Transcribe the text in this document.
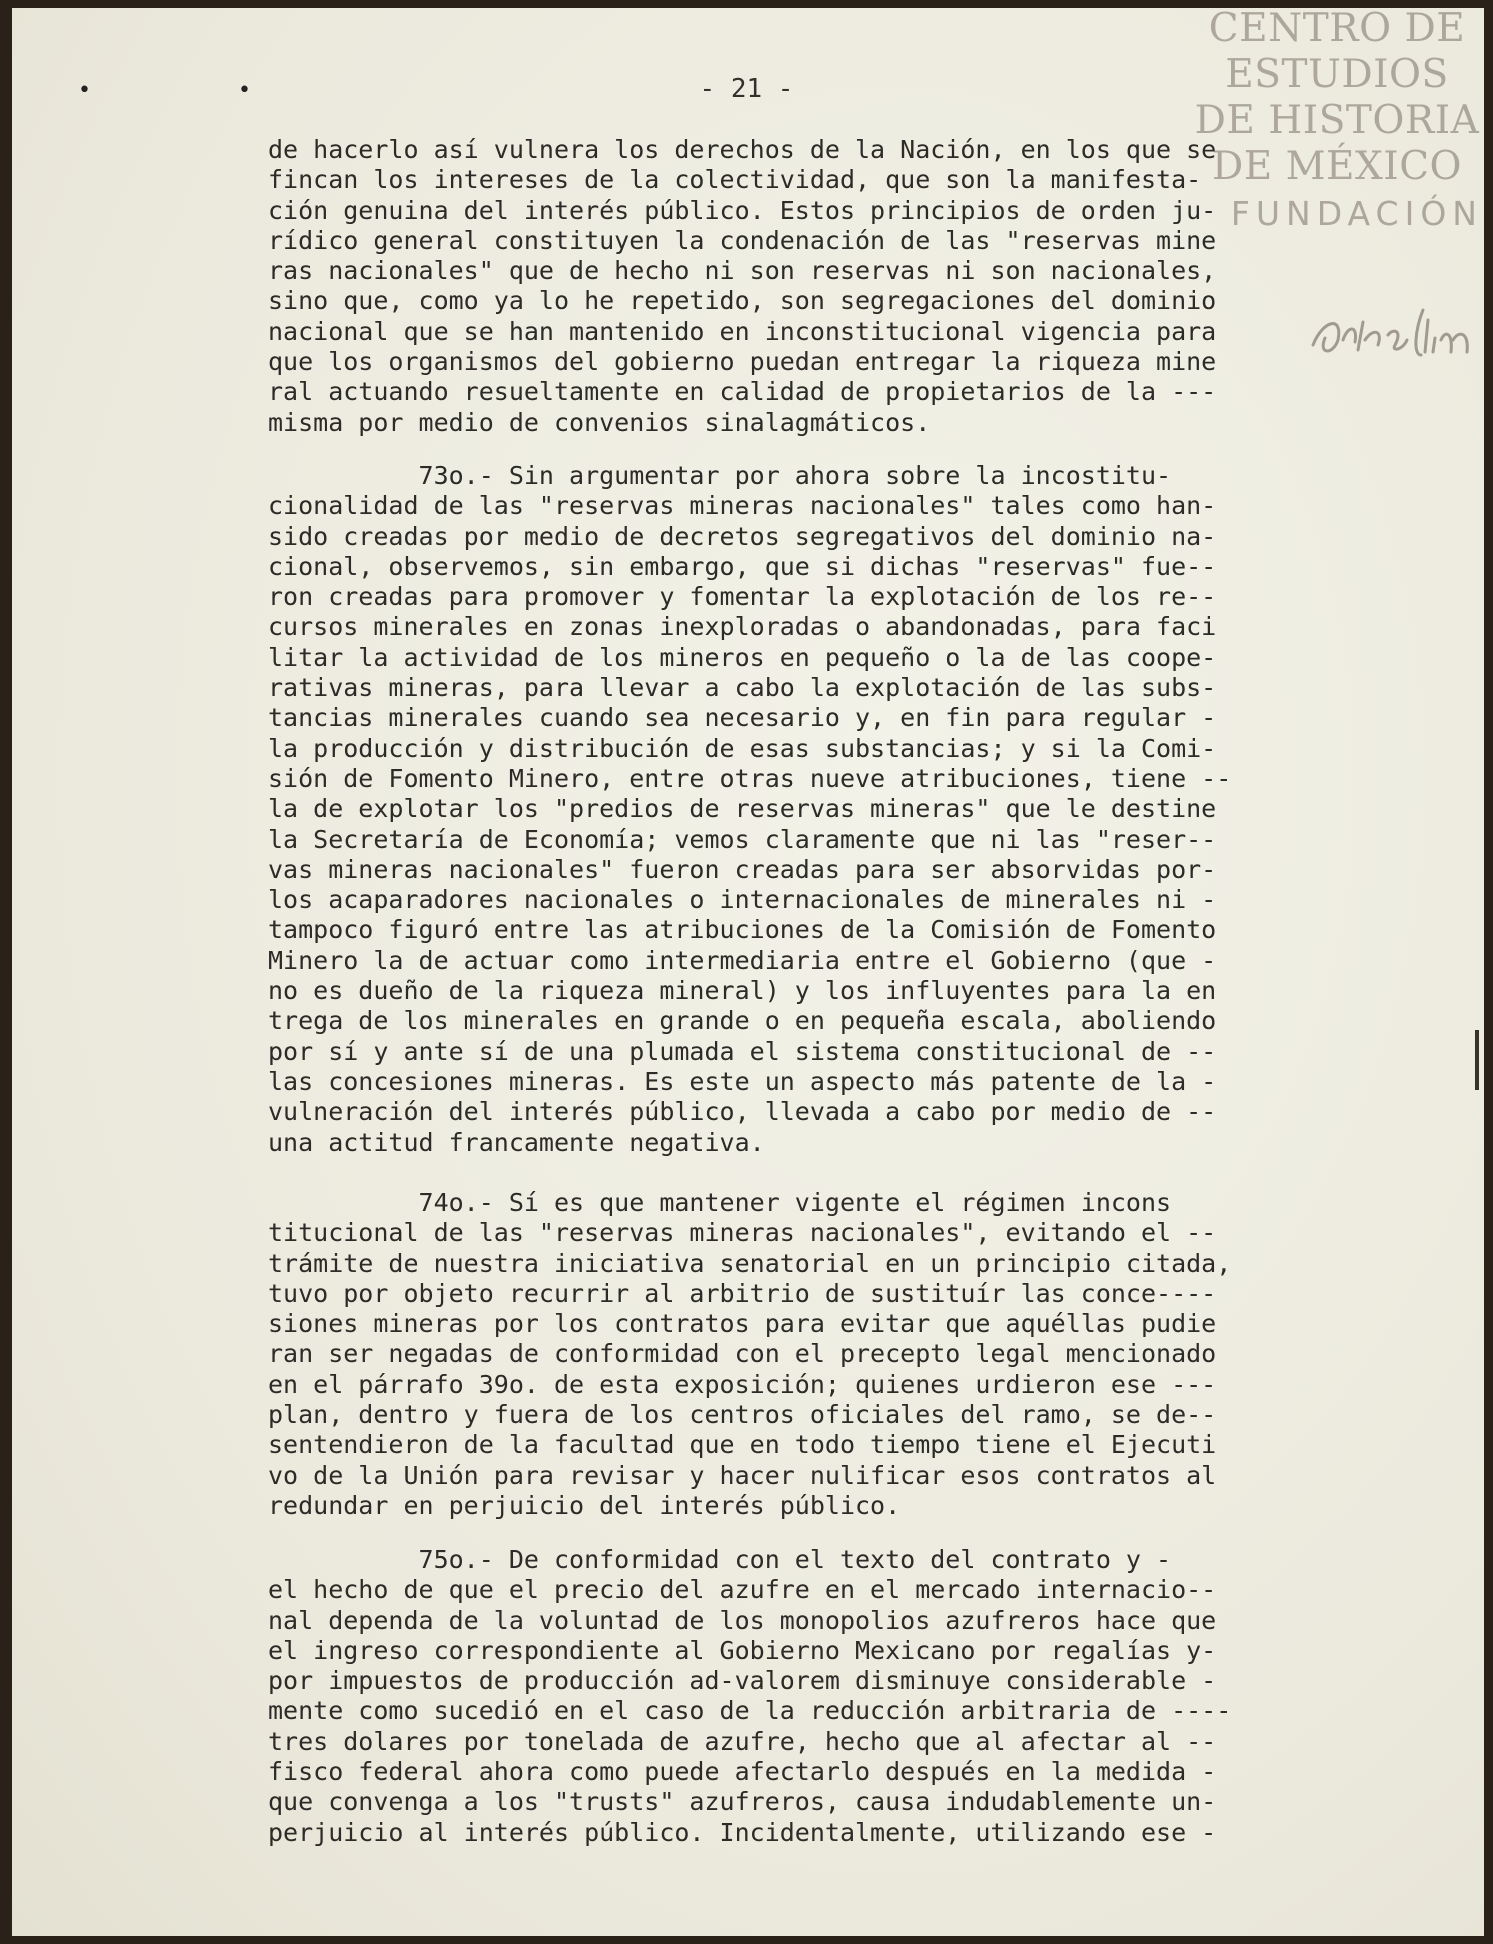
• •	- 21 -
CENTRO DE
ESTUDIOS
DE HISTORIA
DE MÉXICO
FUNDACIÓN
de hacerlo así vulnera los derechos de la Nación, en los que se
fincan los intereses de la colectividad, que son la manifesta-
ción genuina del interés público. Estos principios de orden ju-
rídico general constituyen la condenación de las "reservas mine
ras nacionales" que de hecho ni son reservas ni son nacionales,
sino que, como ya lo he repetido, son segregaciones del dominio
nacional que se han mantenido en inconstitucional vigencia para
que los organismos del gobierno puedan entregar la riqueza mine
ral actuando resueltamente en calidad de propietarios de la ---
misma por medio de convenios sinalagmáticos.
73o.- Sin argumentar por ahora sobre la incostitu-
cionalidad de las "reservas mineras nacionales" tales como han-
sido creadas por medio de decretos segregativos del dominio na-
cional, observemos, sin embargo, que si dichas "reservas" fue--
ron creadas para promover y fomentar la explotación de los re--
cursos minerales en zonas inexploradas o abandonadas, para faci
litar la actividad de los mineros en pequeño o la de las coope-
rativas mineras, para llevar a cabo la explotación de las subs-
tancias minerales cuando sea necesario y, en fin para regular -
la producción y distribución de esas substancias; y si la Comi-
sión de Fomento Minero, entre otras nueve atribuciones, tiene --
la de explotar los "predios de reservas mineras" que le destine
la Secretaría de Economía; vemos claramente que ni las "reser--
vas mineras nacionales" fueron creadas para ser absorvidas por-
los acaparadores nacionales o internacionales de minerales ni -
tampoco figuró entre las atribuciones de la Comisión de Fomento
Minero la de actuar como intermediaria entre el Gobierno (que -
no es dueño de la riqueza mineral) y los influyentes para la en
trega de los minerales en grande o en pequeña escala, aboliendo
por sí y ante sí de una plumada el sistema constitucional de --
las concesiones mineras. Es este un aspecto más patente de la -
vulneración del interés público, llevada a cabo por medio de --
una actitud francamente negativa.
74o.- Sí es que mantener vigente el régimen incons
titucional de las "reservas mineras nacionales", evitando el --
trámite de nuestra iniciativa senatorial en un principio citada,
tuvo por objeto recurrir al arbitrio de sustituír las conce----
siones mineras por los contratos para evitar que aquéllas pudie
ran ser negadas de conformidad con el precepto legal mencionado
en el párrafo 39o. de esta exposición; quienes urdieron ese ---
plan, dentro y fuera de los centros oficiales del ramo, se de--
sentendieron de la facultad que en todo tiempo tiene el Ejecuti
vo de la Unión para revisar y hacer nulificar esos contratos al
redundar en perjuicio del interés público.
75o.- De conformidad con el texto del contrato y -
el hecho de que el precio del azufre en el mercado internacio--
nal dependa de la voluntad de los monopolios azufreros hace que
el ingreso correspondiente al Gobierno Mexicano por regalías y-
por impuestos de producción ad-valorem disminuye considerable -
mente como sucedió en el caso de la reducción arbitraria de ----
tres dolares por tonelada de azufre, hecho que al afectar al --
fisco federal ahora como puede afectarlo después en la medida -
que convenga a los "trusts" azufreros, causa indudablemente un-
perjuicio al interés público. Incidentalmente, utilizando ese -
